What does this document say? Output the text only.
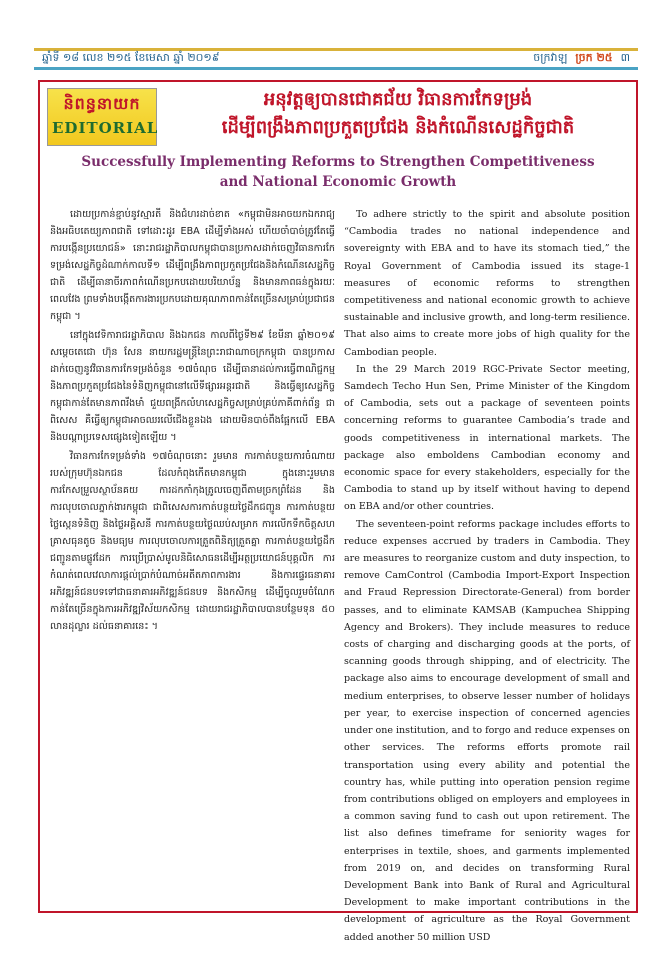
ឆ្នាំទី ១៨ លេខ ២១៥ ខែមេសា ឆ្នាំ ២០១៩	ចក្រវាឡ ច្រក ២៥ ៣
និពន្ធនាយក
EDITORIAL
អនុវត្តឲ្យបានជោគជ័យ វិធានការកែទម្រង់
ដើម្បីពង្រឹងភាពប្រកួតប្រជែង និងកំណើនសេដ្ឋកិច្ចជាតិ
Successfully Implementing Reforms to Strengthen Competitiveness
and National Economic Growth

ដោយប្រកាន់ខ្ជាប់នូវស្មារតី និងជំហរដាច់ខាត «កម្ពុជាមិនអាចយកឯករាជ្យ និងអធិបតេយ្យភាពជាតិ ទៅដោះដូរ EBA ដើម្បីទាំងអស់ ហើយចាំបាច់ត្រូវតែធ្វើការបង្កើនប្រយោជន៍» នោះរាជរដ្ឋាភិបាលកម្ពុជាបានប្រកាសដាក់ចេញវិធានការកែទម្រង់សេដ្ឋកិច្ចដំណាក់កាលទី១ ដើម្បីពង្រឹងភាពប្រកួតប្រជែងនិងកំណើនសេដ្ឋកិច្ចជាតិ ដើម្បីធានាចីរភាពកំណើនប្រកបដោយបរិយាប័ន្ន និងមានភាពធន់ក្នុងរយៈពេលវែង ព្រមទាំងបង្កើតការងារប្រកបដោយគុណភាពកាន់តែច្រើនសម្រាប់ប្រជាជនកម្ពុជា ។

នៅក្នុងវេទិការាជរដ្ឋាភិបាល និងឯកជន កាលពីថ្ងៃទី២៩ ខែមីនា ឆ្នាំ២០១៩ សម្តេចតេជោ ហ៊ុន សែន នាយករដ្ឋមន្ត្រីនៃព្រះរាជាណាចក្រកម្ពុជា បានប្រកាសដាក់ចេញនូវវិធានការកែទម្រង់ចំនួន ១៧ចំណុច ដើម្បីធានាដល់ការធ្វើពាណិជ្ជកម្ម និងភាពប្រកួតប្រជែងនៃទំនិញកម្ពុជានៅលើទីផ្សារអន្តរជាតិ និងធ្វើឲ្យសេដ្ឋកិច្ចកម្ពុជាកាន់តែមានភាពរឹងមាំ ជួយពង្រីកលំហសេដ្ឋកិច្ចសម្រាប់គ្រប់ភាគីពាក់ព័ន្ធ ជាពិសេស គឺធ្វើឲ្យកម្ពុជាអាចឈរលើជើងខ្លួនឯង ដោយមិនបាច់ពឹងផ្អែកលើ EBA និងបណ្តាប្រទេសផ្សេងទៀតឡើយ ។

វិធានការកែទម្រង់ទាំង ១៧ចំណុចនោះ រួមមាន ការកាត់បន្ថយការចំណាយរបស់ក្រុមហ៊ុនឯកជន ដែលកំពុងកើតមានកម្ពុជា ក្នុងនោះរួមមាន ការកែសម្រួលស្ថាប័នគយ ការដកកាំកុងត្រូលចេញពីតាមច្រកព្រំដែន និងការលុបចោលភ្នាក់ងារកម្ពុជា ជាពិសេសការកាត់បន្ថយថ្លៃដឹកជញ្ជូន ការកាត់បន្ថយថ្លៃស្កេនទំនិញ និងថ្លៃអគ្គិសនី ការកាត់បន្ថយថ្ងៃឈប់សម្រាក ការលើកទឹកចិត្តសហគ្រាសធុនតូច និងមធ្យម ការលុបចោលការត្រួតពិនិត្យត្រួតគ្នា ការកាត់បន្ថយថ្លៃដឹកជញ្ជូនតាមផ្លូវដែក ការប្រើប្រាស់មូលនិធិសោធនដើម្បីអត្ថប្រយោជន៍បុគ្គលិក ការកំណត់ពេលវេលាការផ្តល់ប្រាក់បំណាច់អតីតភាពការងារ និងការផ្ទេរធនាគារអភិវឌ្ឍន៍ជនបទទៅជាធនាគារអភិវឌ្ឍន៍ជនបទ និងកសិកម្ម ដើម្បីចូលរួមចំណែកកាន់តែច្រើនក្នុងការអភិវឌ្ឍវិស័យកសិកម្ម ដោយរាជរដ្ឋាភិបាលបានបន្ថែមទុន ៥០ លានដុល្លារ ដល់ធនាគារនេះ ។

To adhere strictly to the spirit and absolute position “Cambodia trades no national independence and sovereignty with EBA and to have its stomach tied,” the Royal Government of Cambodia issued its stage-1 measures of economic reforms to strengthen competitiveness and national economic growth to achieve sustainable and inclusive growth, and long-term resilience. That also aims to create more jobs of high quality for the Cambodian people.

In the 29 March 2019 RGC-Private Sector meeting, Samdech Techo Hun Sen, Prime Minister of the Kingdom of Cambodia, sets out a package of seventeen points concerning reforms to guarantee Cambodia’s trade and goods competitiveness in international markets. The package also emboldens Cambodian economy and economic space for every stakeholders, especially for the Cambodia to stand up by itself without having to depend on EBA and/or other countries.

The seventeen-point reforms package includes efforts to reduce expenses accrued by traders in Cambodia. They are measures to reorganize custom and duty inspection, to remove CamControl (Cambodia Import-Export Inspection and Fraud Repression Directorate-General) from border passes, and to eliminate KAMSAB (Kampuchea Shipping Agency and Brokers). They include measures to reduce costs of charging and discharging goods at the ports, of scanning goods through shipping, and of electricity. The package also aims to encourage development of small and medium enterprises, to observe lesser number of holidays per year, to exercise inspection of concerned agencies under one institution, and to forgo and reduce expenses on other services. The reforms efforts promote rail transportation using every ability and potential the country has, while putting into operation pension regime from contributions obliged on employers and employees in a common saving fund to cash out upon retirement. The list also defines timeframe for seniority wages for enterprises in textile, shoes, and garments implemented from 2019 on, and decides on transforming Rural Development Bank into Bank of Rural and Agricultural Development to make important contributions in the development of agriculture as the Royal Government added another 50 million USD
